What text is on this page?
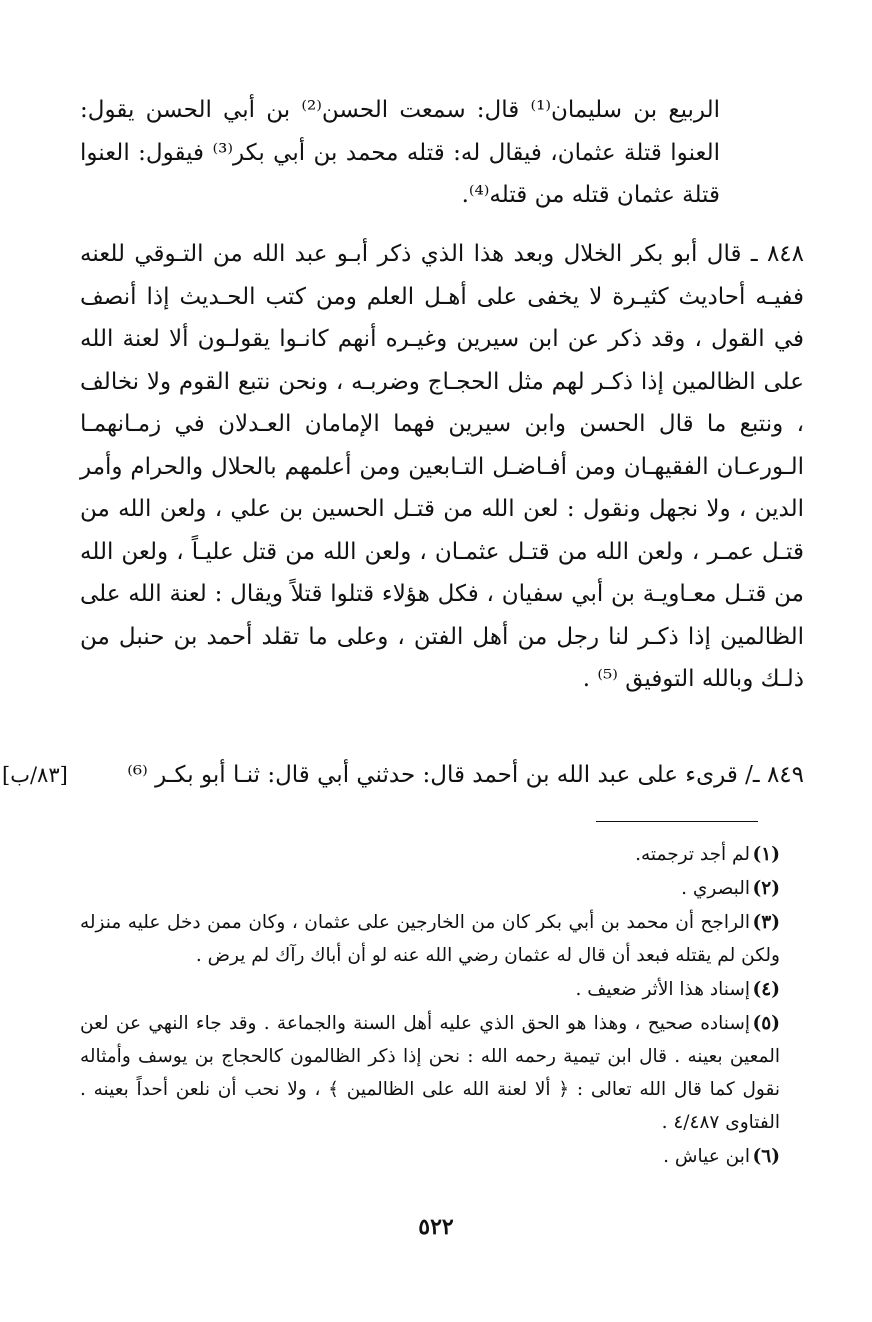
الربيع بن سليمان⁽¹⁾ قال: سمعت الحسن⁽²⁾ بن أبي الحسن يقول: العنوا قتلة عثمان، فيقال له: قتله محمد بن أبي بكر⁽³⁾ فيقول: العنوا قتلة عثمان قتله من قتله⁽⁴⁾.

٨٤٨ ـ قال أبو بكر الخلال وبعد هذا الذي ذكر أبـو عبد الله من التـوقي للعنه ففيـه أحاديث كثيـرة لا يخفى على أهـل العلم ومن كتب الحـديث إذا أنصف في القول ، وقد ذكر عن ابن سيرين وغيـره أنهم كانـوا يقولـون ألا لعنة الله على الظالمين إذا ذكـر لهم مثل الحجـاج وضربـه ، ونحن نتبع القوم ولا نخالف ، ونتبع ما قال الحسن وابن سيرين فهما الإمامان العـدلان في زمـانهمـا الـورعـان الفقيهـان ومن أفـاضـل التـابعين ومن أعلمهم بالحلال والحرام وأمر الدين ، ولا نجهل ونقول : لعن الله من قتـل الحسين بن علي ، ولعن الله من قتـل عمـر ، ولعن الله من قتـل عثمـان ، ولعن الله من قتل عليـاً ، ولعن الله من قتـل معـاويـة بن أبي سفيان ، فكل هؤلاء قتلوا قتلاً ويقال : لعنة الله على الظالمين إذا ذكـر لنا رجل من أهل الفتن ، وعلى ما تقلد أحمد بن حنبل من ذلـك وبالله التوفيق ⁽⁵⁾ .

٨٤٩ ـ/ قرىء على عبد الله بن أحمد قال: حدثني أبي قال: ثنـا أبو بكـر ⁽⁶⁾
[٨٣/ب]

(١)لم أجد ترجمته.

(٢)البصري .

(٣)الراجح أن محمد بن أبي بكر كان من الخارجين على عثمان ، وكان ممن دخل عليه منزله ولكن لم يقتله فبعد أن قال له عثمان رضي الله عنه لو أن أباك رآك لم يرض .

(٤)إسناد هذا الأثر ضعيف .

(٥)إسناده صحيح ، وهذا هو الحق الذي عليه أهل السنة والجماعة . وقد جاء النهي عن لعن المعين بعينه . قال ابن تيمية رحمه الله : نحن إذا ذكر الظالمون كالحجاج بن يوسف وأمثاله نقول كما قال الله تعالى : ﴿ ألا لعنة الله على الظالمين ﴾ ، ولا نحب أن نلعن أحداً بعينه . الفتاوى ٤/٤٨٧ .

(٦)ابن عياش .

٥٢٢
